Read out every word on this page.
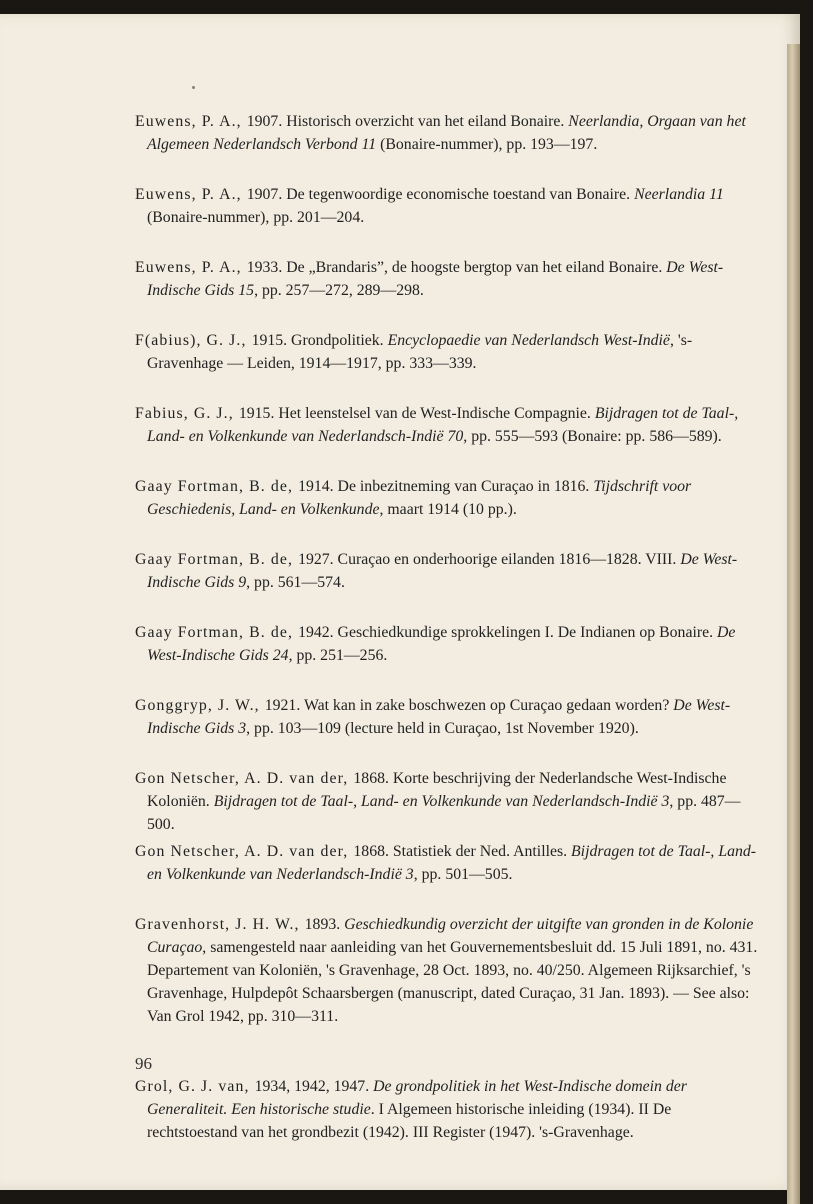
Euwens, P. A., 1907. Historisch overzicht van het eiland Bonaire. Neerlandia, Orgaan van het Algemeen Nederlandsch Verbond 11 (Bonaire-nummer), pp. 193—197.

Euwens, P. A., 1907. De tegenwoordige economische toestand van Bonaire. Neerlandia 11 (Bonaire-nummer), pp. 201—204.

Euwens, P. A., 1933. De „Brandaris”, de hoogste bergtop van het eiland Bonaire. De West-Indische Gids 15, pp. 257—272, 289—298.

F(abius), G. J., 1915. Grondpolitiek. Encyclopaedie van Nederlandsch West-Indië, 's-Gravenhage — Leiden, 1914—1917, pp. 333—339.

Fabius, G. J., 1915. Het leenstelsel van de West-Indische Compagnie. Bijdragen tot de Taal-, Land- en Volkenkunde van Nederlandsch-Indië 70, pp. 555—593 (Bonaire: pp. 586—589).

Gaay Fortman, B. de, 1914. De inbezitneming van Curaçao in 1816. Tijdschrift voor Geschiedenis, Land- en Volkenkunde, maart 1914 (10 pp.).

Gaay Fortman, B. de, 1927. Curaçao en onderhoorige eilanden 1816—1828. VIII. De West-Indische Gids 9, pp. 561—574.

Gaay Fortman, B. de, 1942. Geschiedkundige sprokkelingen I. De Indianen op Bonaire. De West-Indische Gids 24, pp. 251—256.

Gonggryp, J. W., 1921. Wat kan in zake boschwezen op Curaçao gedaan worden? De West-Indische Gids 3, pp. 103—109 (lecture held in Curaçao, 1st November 1920).

Gon Netscher, A. D. van der, 1868. Korte beschrijving der Nederlandsche West-Indische Koloniën. Bijdragen tot de Taal-, Land- en Volkenkunde van Nederlandsch-Indië 3, pp. 487—500.

Gon Netscher, A. D. van der, 1868. Statistiek der Ned. Antilles. Bijdragen tot de Taal-, Land- en Volkenkunde van Nederlandsch-Indië 3, pp. 501—505.

Gravenhorst, J. H. W., 1893. Geschiedkundig overzicht der uitgifte van gronden in de Kolonie Curaçao, samengesteld naar aanleiding van het Gouvernementsbesluit dd. 15 Juli 1891, no. 431.
Departement van Koloniën, 's Gravenhage, 28 Oct. 1893, no. 40/250. Algemeen Rijksarchief, 's Gravenhage, Hulpdepôt Schaarsbergen (manuscript, dated Curaçao, 31 Jan. 1893). — See also: Van Grol 1942, pp. 310—311.

Grol, G. J. van, 1934, 1942, 1947. De grondpolitiek in het West-Indische domein der Generaliteit. Een historische studie. I Algemeen historische inleiding (1934). II De rechtstoestand van het grondbezit (1942). III Register (1947). 's-Gravenhage.

96
